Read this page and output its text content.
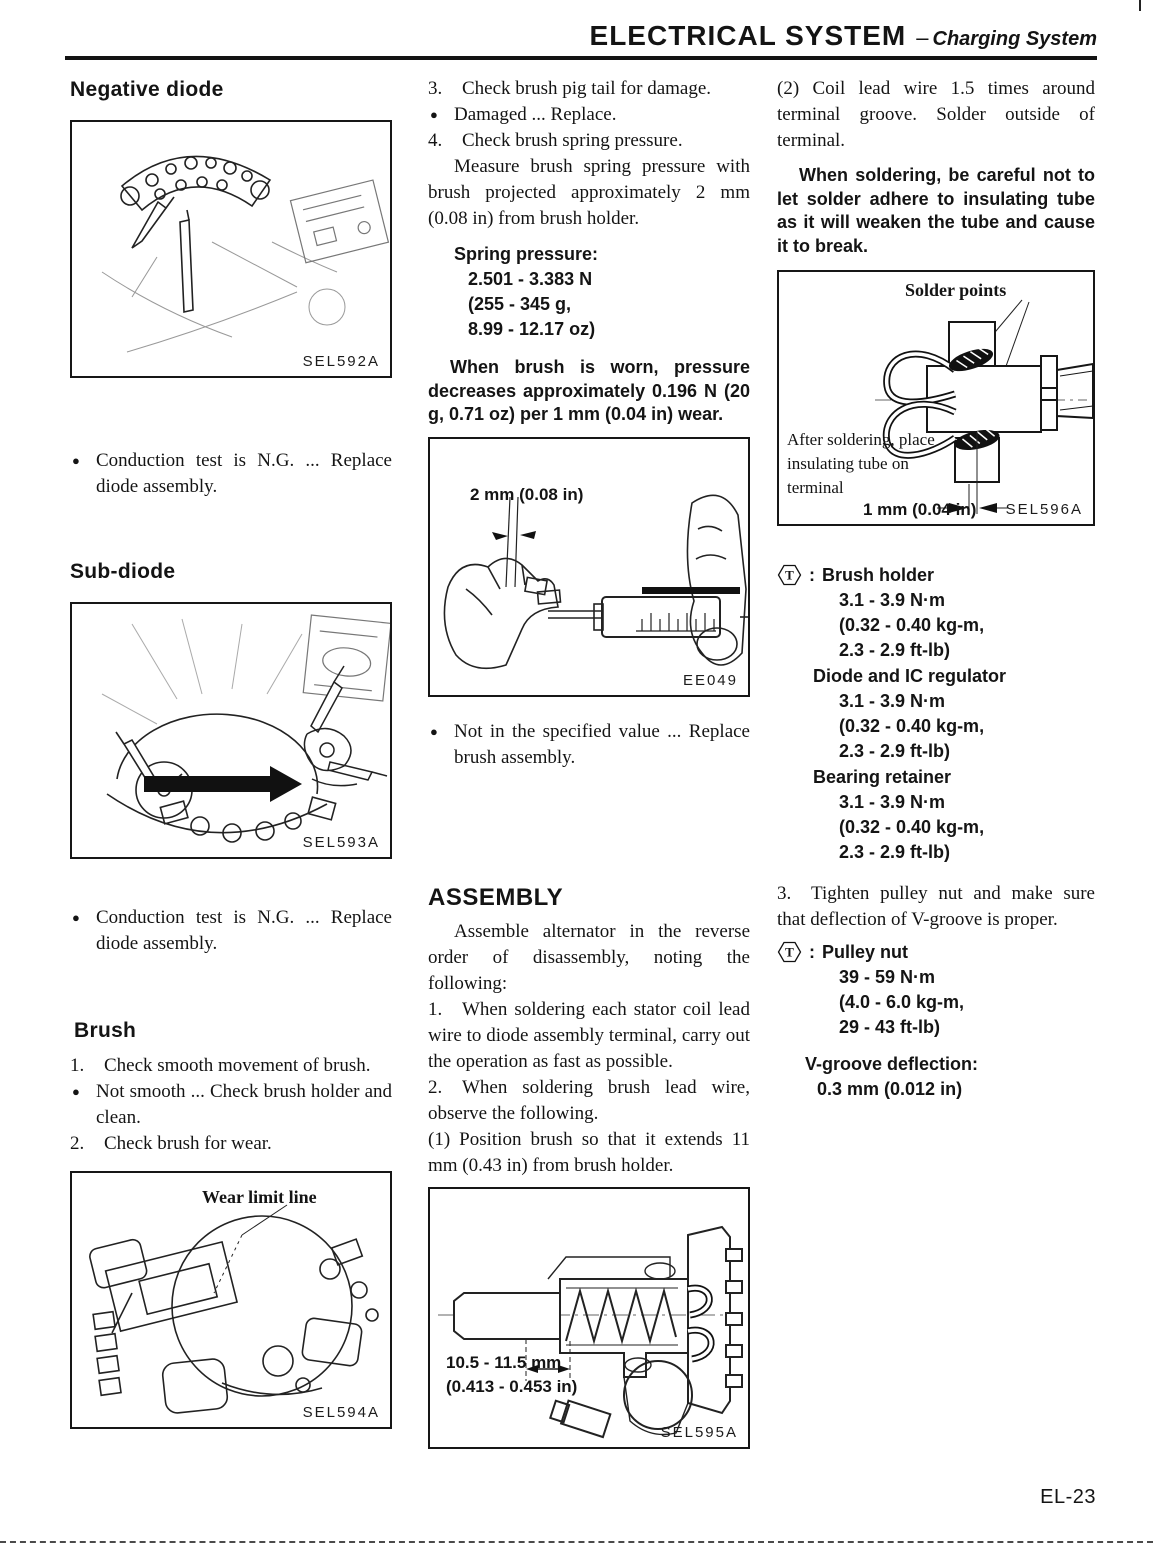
ELECTRICAL SYSTEM – Charging System
Negative diode
SEL592A

● Conduction test is N.G. ... Replace diode assembly.

Sub-diode
SEL593A

● Conduction test is N.G. ... Replace diode assembly.

Brush

1. Check smooth movement of brush.

● Not smooth ... Check brush holder and clean.

2. Check brush for wear.

Wear limit line
SEL594A

3. Check brush pig tail for damage.

● Damaged ... Replace.

4. Check brush spring pressure.

Measure brush spring pressure with brush projected approximately 2 mm (0.08 in) from brush holder.

Spring pressure:
2.501 - 3.383 N
(255 - 345 g,
8.99 - 12.17 oz)

When brush is worn, pressure decreases approximately 0.196 N (20 g, 0.71 oz) per 1 mm (0.04 in) wear.

2 mm (0.08 in)
EE049

● Not in the specified value ... Replace brush assembly.

ASSEMBLY

Assemble alternator in the reverse order of disassembly, noting the following:

1. When soldering each stator coil lead wire to diode assembly terminal, carry out the operation as fast as possible.

2. When soldering brush lead wire, observe the following.

(1) Position brush so that it extends 11 mm (0.43 in) from brush holder.

10.5 - 11.5 mm
(0.413 - 0.453 in)
SEL595A

(2) Coil lead wire 1.5 times around terminal groove. Solder outside of terminal.

When soldering, be careful not to let solder adhere to insulating tube as it will weaken the tube and cause it to break.

Solder points
After soldering, place insulating tube on terminal
1 mm (0.04 in) SEL596A
T : Brush holder

3.1 - 3.9 N·m

(0.32 - 0.40 kg-m,

2.3 - 2.9 ft-lb)

Diode and IC regulator

3.1 - 3.9 N·m

(0.32 - 0.40 kg-m,

2.3 - 2.9 ft-lb)

Bearing retainer

3.1 - 3.9 N·m

(0.32 - 0.40 kg-m,

2.3 - 2.9 ft-lb)

3. Tighten pulley nut and make sure that deflection of V-groove is proper.

T : Pulley nut

39 - 59 N·m

(4.0 - 6.0 kg-m,

29 - 43 ft-lb)

V-groove deflection:

0.3 mm (0.012 in)

EL-23
